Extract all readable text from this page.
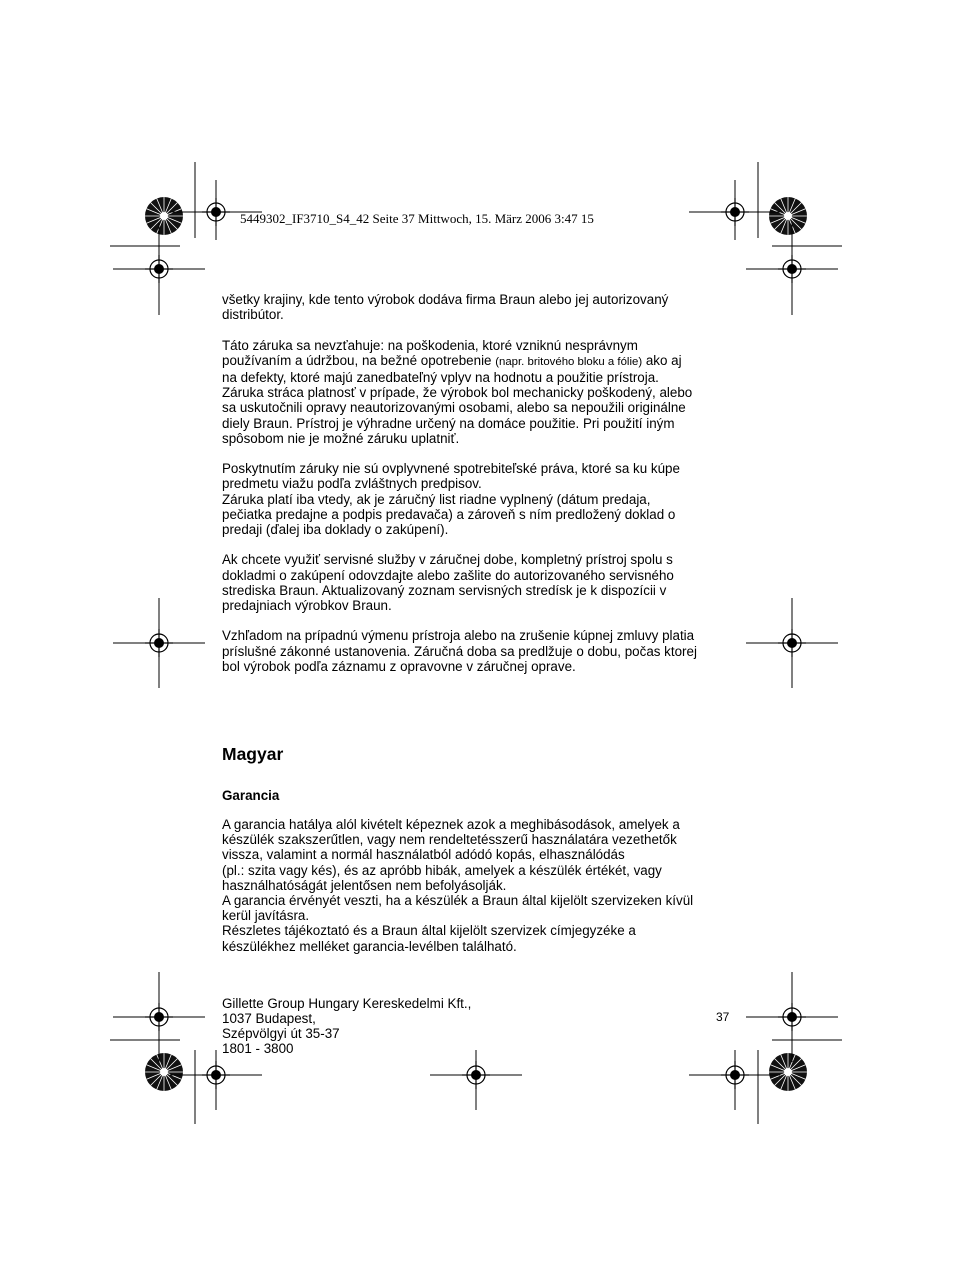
5449302_IF3710_S4_42 Seite 37 Mittwoch, 15. März 2006 3:47 15

všetky krajiny, kde tento výrobok dodáva firma Braun alebo jej autorizovaný
distribútor.

Táto záruka sa nevzťahuje: na poškodenia, ktoré vzniknú nesprávnym
používaním a údržbou, na bežné opotrebenie (napr. britového bloku a fólie) ako aj
na defekty, ktoré majú zanedbateľný vplyv na hodnotu a použitie prístroja.
Záruka stráca platnosť v prípade, že výrobok bol mechanicky poškodený, alebo
sa uskutočnili opravy neautorizovanými osobami, alebo sa nepoužili originálne
diely Braun. Prístroj je výhradne určený na domáce použitie. Pri použití iným
spôsobom nie je možné záruku uplatniť.

Poskytnutím záruky nie sú ovplyvnené spotrebiteľské práva, ktoré sa ku kúpe
predmetu viažu podľa zvláštnych predpisov.
Záruka platí iba vtedy, ak je záručný list riadne vyplnený (dátum predaja,
pečiatka predajne a podpis predavača) a zároveň s ním predložený doklad o
predaji (ďalej iba doklady o zakúpení).

Ak chcete využiť servisné služby v záručnej dobe, kompletný prístroj spolu s
dokladmi o zakúpení odovzdajte alebo zašlite do autorizovaného servisného
strediska Braun. Aktualizovaný zoznam servisných stredísk je k dispozícii v
predajniach výrobkov Braun.

Vzhľadom na prípadnú výmenu prístroja alebo na zrušenie kúpnej zmluvy platia
príslušné zákonné ustanovenia. Záručná doba sa predlžuje o dobu, počas ktorej
bol výrobok podľa záznamu z opravovne v záručnej oprave.

Magyar

Garancia

A garancia hatálya alól kivételt képeznek azok a meghibásodások, amelyek a
készülék szakszerűtlen, vagy nem rendeltetésszerű használatára vezethetők
vissza, valamint a normál használatból adódó kopás, elhasználódás
(pl.: szita vagy kés), és az apróbb hibák, amelyek a készülék értékét, vagy
használhatóságát jelentősen nem befolyásolják.
A garancia érvényét veszti, ha a készülék a Braun által kijelölt szervizeken kívül
kerül javításra.
Részletes tájékoztató és a Braun által kijelölt szervizek címjegyzéke a
készülékhez melléket garancia-levélben található.

Gillette Group Hungary Kereskedelmi Kft.,
1037 Budapest,
Szépvölgyi út 35-37
1801 - 3800

37
